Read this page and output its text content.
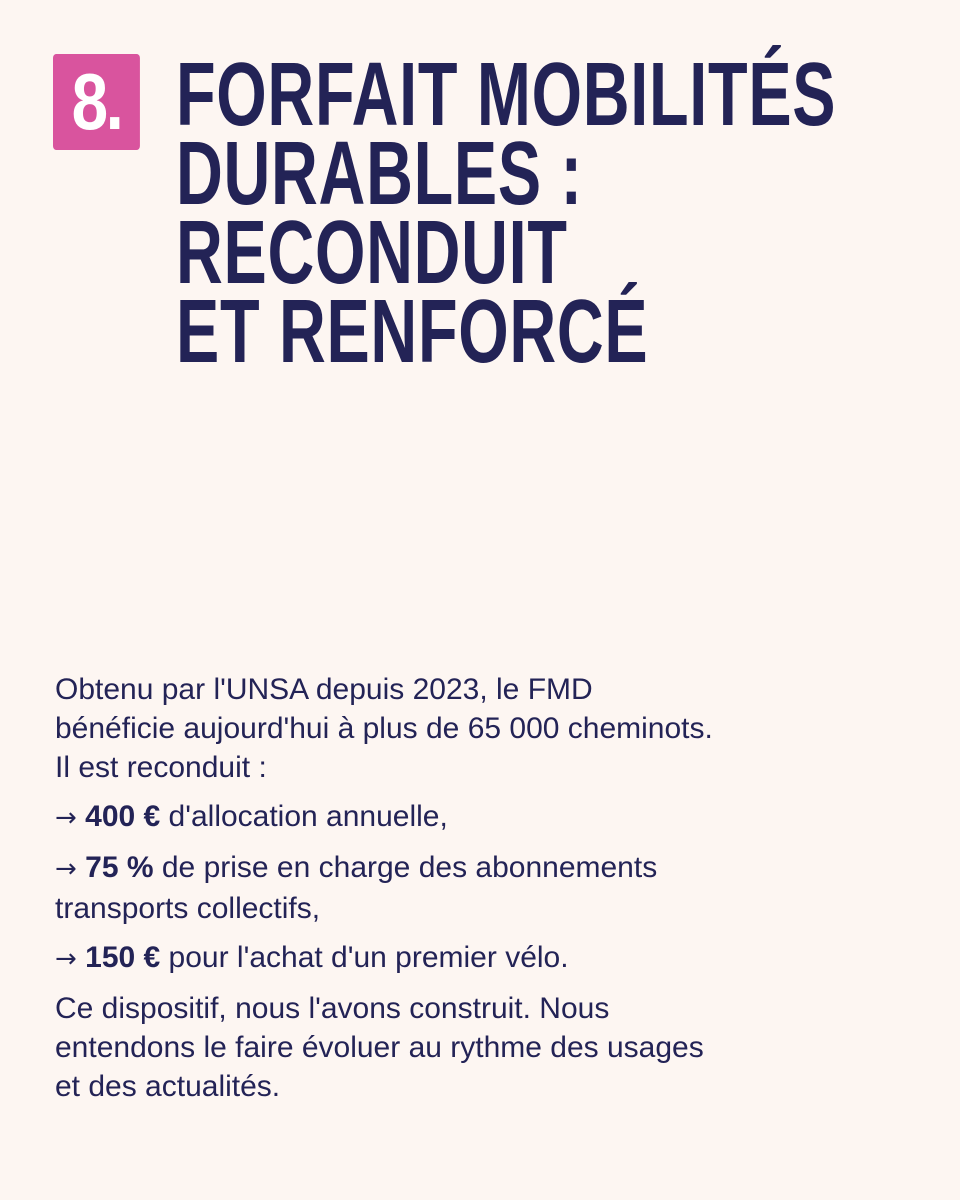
8. FORFAIT MOBILITÉS
DURABLES :
RECONDUIT
ET RENFORCÉ

Obtenu par l'UNSA depuis 2023, le FMD
bénéficie aujourd'hui à plus de 65 000 cheminots.
Il est reconduit :

→ 400 € d'allocation annuelle,

→ 75 % de prise en charge des abonnements
transports collectifs,

→ 150 € pour l'achat d'un premier vélo.

Ce dispositif, nous l'avons construit. Nous
entendons le faire évoluer au rythme des usages
et des actualités.
